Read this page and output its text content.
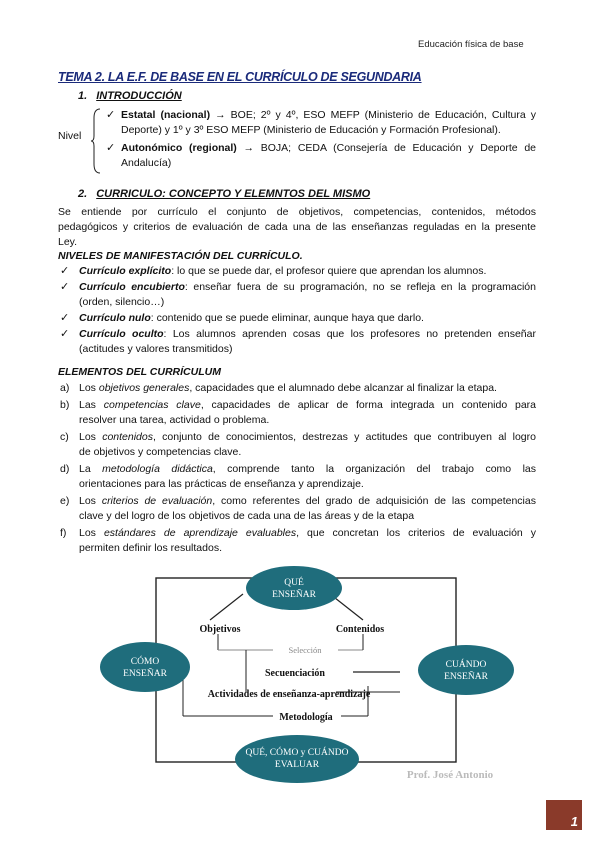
Educación física de base
TEMA 2. LA E.F. DE BASE EN EL CURRÍCULO DE SEGUNDARIA
1. INTRODUCCIÓN
Nivel
✓ Estatal (nacional) → BOE; 2º y 4º, ESO MEFP (Ministerio de Educación, Cultura y
Deporte) y 1º y 3º ESO MEFP (Ministerio de Educación y Formación Profesional).
✓ Autonómico (regional) → BOJA; CEDA (Consejería de Educación y Deporte de
Andalucía)
2. CURRICULO: CONCEPTO Y ELEMNTOS DEL MISMO
Se entiende por currículo el conjunto de objetivos, competencias, contenidos, métodos
pedagógicos y criterios de evaluación de cada una de las enseñanzas reguladas en la presente
Ley.
NIVELES DE MANIFESTACIÓN DEL CURRÍCULO.
✓ Currículo explícito: lo que se puede dar, el profesor quiere que aprendan los alumnos.
✓ Currículo encubierto: enseñar fuera de su programación, no se refleja en la programación
(orden, silencio…)
✓ Currículo nulo: contenido que se puede eliminar, aunque haya que darlo.
✓ Currículo oculto: Los alumnos aprenden cosas que los profesores no pretenden enseñar
(actitudes y valores transmitidos)
ELEMENTOS DEL CURRÍCULUM
a) Los objetivos generales, capacidades que el alumnado debe alcanzar al finalizar la etapa.
b) Las competencias clave, capacidades de aplicar de forma integrada un contenido para
resolver una tarea, actividad o problema.
c) Los contenidos, conjunto de conocimientos, destrezas y actitudes que contribuyen al logro
de objetivos y competencias clave.
d) La metodología didáctica, comprende tanto la organización del trabajo como las
orientaciones para las prácticas de enseñanza y aprendizaje.
e) Los criterios de evaluación, como referentes del grado de adquisición de las competencias
clave y del logro de los objetivos de cada una de las áreas y de la etapa
f) Los estándares de aprendizaje evaluables, que concretan los criterios de evaluación y
permiten definir los resultados.
QUÉ
ENSEÑAR
CÓMO
ENSEÑAR
CUÁNDO
ENSEÑAR
QUÉ, CÓMO y CUÁNDO
EVALUAR
Objetivos	Contenidos
Selección
Secuenciación
Actividades de enseñanza-aprendizaje
Metodología
Prof. José Antonio
1
